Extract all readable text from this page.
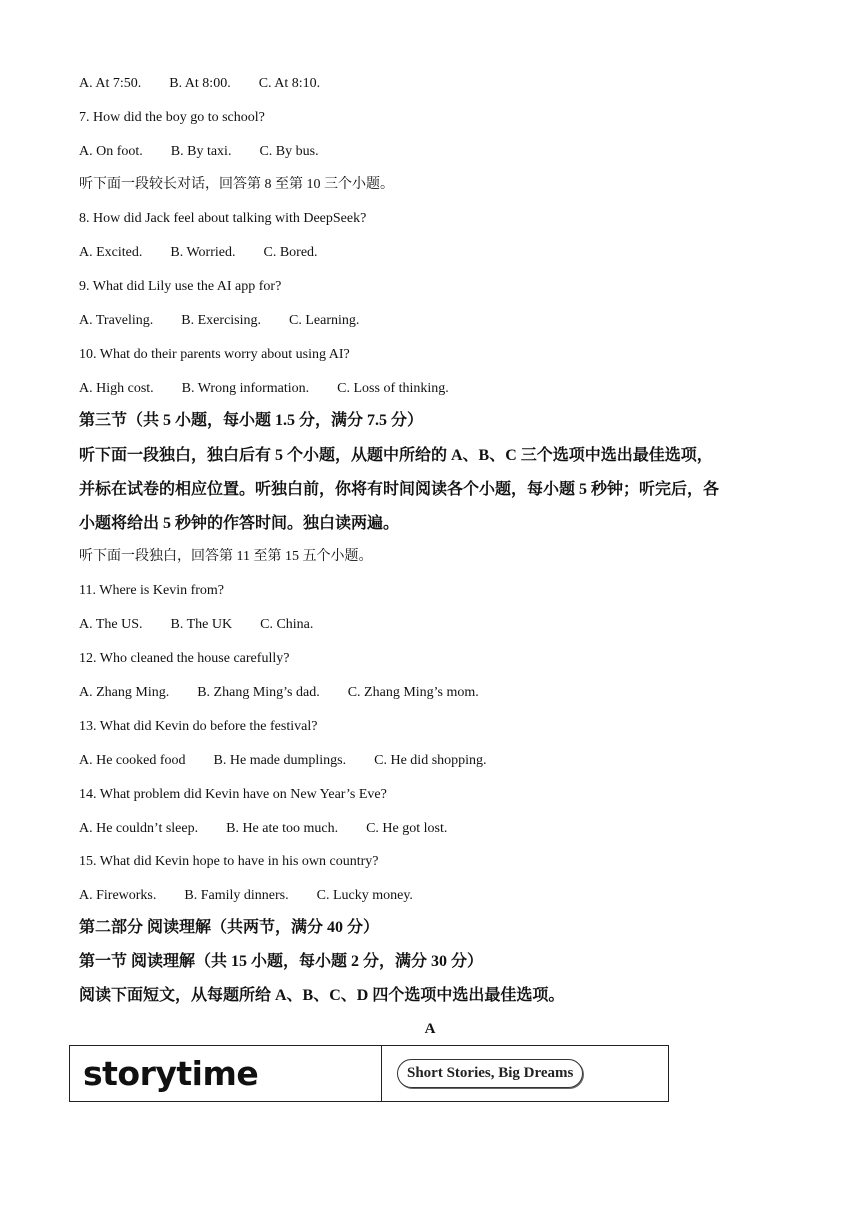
A. At 7:50. B. At 8:00. C. At 8:10.
7. How did the boy go to school?
A. On foot. B. By taxi. C. By bus.
听下面一段较长对话，回答第 8 至第 10 三个小题。
8. How did Jack feel about talking with DeepSeek?
A. Excited. B. Worried. C. Bored.
9. What did Lily use the AI app for?
A. Traveling. B. Exercising. C. Learning.
10. What do their parents worry about using AI?
A. High cost. B. Wrong information. C. Loss of thinking.
第三节（共 5 小题，每小题 1.5 分，满分 7.5 分）
听下面一段独白，独白后有 5 个小题，从题中所给的 A、B、C 三个选项中选出最佳选项，
并标在试卷的相应位置。听独白前，你将有时间阅读各个小题，每小题 5 秒钟；听完后，各
小题将给出 5 秒钟的作答时间。独白读两遍。
听下面一段独白，回答第 11 至第 15 五个小题。
11. Where is Kevin from?
A. The US. B. The UK C. China.
12. Who cleaned the house carefully?
A. Zhang Ming. B. Zhang Ming’s dad. C. Zhang Ming’s mom.
13. What did Kevin do before the festival?
A. He cooked food B. He made dumplings. C. He did shopping.
14. What problem did Kevin have on New Year’s Eve?
A. He couldn’t sleep. B. He ate too much. C. He got lost.
15. What did Kevin hope to have in his own country?
A. Fireworks. B. Family dinners. C. Lucky money.
第二部分 阅读理解（共两节，满分 40 分）
第一节 阅读理解（共 15 小题，每小题 2 分，满分 30 分）
阅读下面短文，从每题所给 A、B、C、D 四个选项中选出最佳选项。
A
storytime	Short Stories, Big Dreams
